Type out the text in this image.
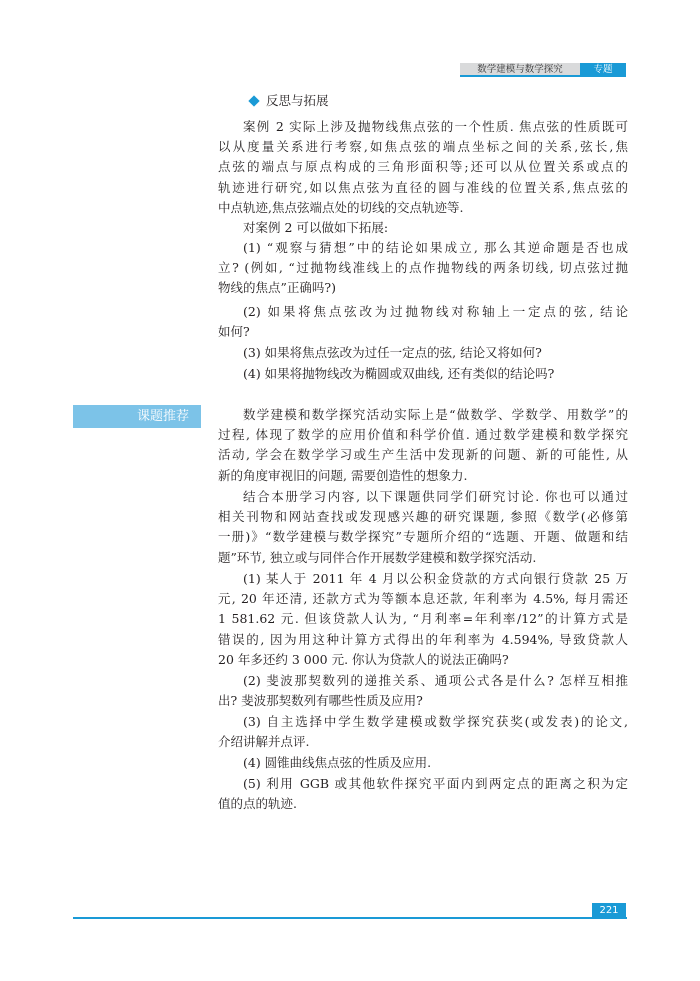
数学建模与数学探究	专题
反思与拓展
案例 2 实际上涉及抛物线焦点弦的一个性质. 焦点弦的性质既可
以从度量关系进行考察,如焦点弦的端点坐标之间的关系,弦长,焦
点弦的端点与原点构成的三角形面积等;还可以从位置关系或点的
轨迹进行研究,如以焦点弦为直径的圆与准线的位置关系,焦点弦的
中点轨迹,焦点弦端点处的切线的交点轨迹等.
对案例 2 可以做如下拓展:
(1) “观察与猜想”中的结论如果成立, 那么其逆命题是否也成
立? (例如, “过抛物线准线上的点作抛物线的两条切线, 切点弦过抛
物线的焦点”正确吗?)
(2) 如果将焦点弦改为过抛物线对称轴上一定点的弦, 结论
如何?
(3) 如果将焦点弦改为过任一定点的弦, 结论又将如何?
(4) 如果将抛物线改为椭圆或双曲线, 还有类似的结论吗?
课题推荐	数学建模和数学探究活动实际上是“做数学、学数学、用数学”的
过程, 体现了数学的应用价值和科学价值. 通过数学建模和数学探究
活动, 学会在数学学习或生产生活中发现新的问题、新的可能性, 从
新的角度审视旧的问题, 需要创造性的想象力.
结合本册学习内容, 以下课题供同学们研究讨论. 你也可以通过
相关刊物和网站查找或发现感兴趣的研究课题, 参照《数学(必修第
一册)》“数学建模与数学探究”专题所介绍的“选题、开题、做题和结
题”环节, 独立或与同伴合作开展数学建模和数学探究活动.
(1) 某人于 2011 年 4 月以公积金贷款的方式向银行贷款 25 万
元, 20 年还清, 还款方式为等额本息还款, 年利率为 4.5%, 每月需还
1 581.62 元. 但该贷款人认为, “月利率=年利率/12”的计算方式是
错误的, 因为用这种计算方式得出的年利率为 4.594%, 导致贷款人
20 年多还约 3 000 元. 你认为贷款人的说法正确吗?
(2) 斐波那契数列的递推关系、通项公式各是什么? 怎样互相推
出? 斐波那契数列有哪些性质及应用?
(3) 自主选择中学生数学建模或数学探究获奖(或发表)的论文,
介绍讲解并点评.
(4) 圆锥曲线焦点弦的性质及应用.
(5) 利用 GGB 或其他软件探究平面内到两定点的距离之积为定
值的点的轨迹.
221
